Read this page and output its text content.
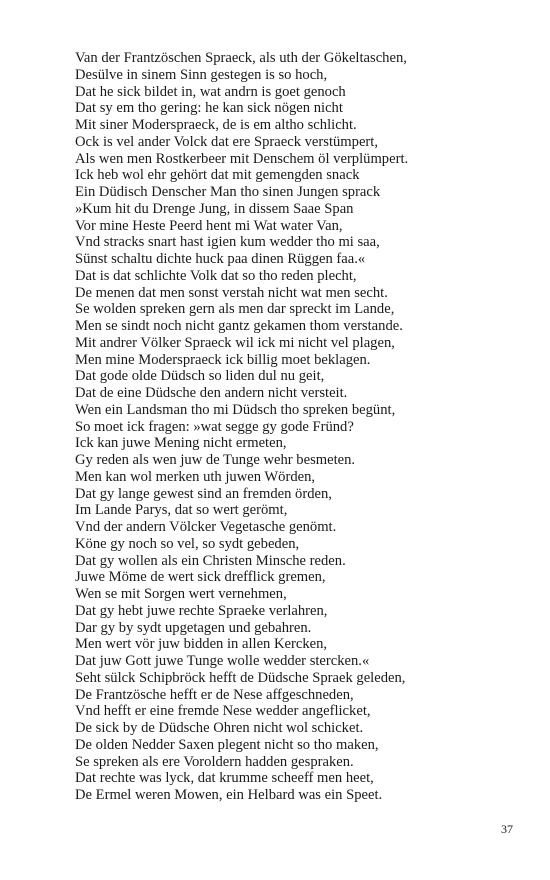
Van der Frantzöschen Spraeck, als uth der Gökeltaschen,
Desülve in sinem Sinn gestegen is so hoch,
Dat he sick bildet in, wat andrn is goet genoch
Dat sy em tho gering: he kan sick nögen nicht
Mit siner Moderspraeck, de is em altho schlicht.
Ock is vel ander Volck dat ere Spraeck verstümpert,
Als wen men Rostkerbeer mit Denschem öl verplümpert.
Ick heb wol ehr gehört dat mit gemengden snack
Ein Düdisch Denscher Man tho sinen Jungen sprack
»Kum hit du Drenge Jung, in dissem Saae Span
Vor mine Heste Peerd hent mi Wat water Van,
Vnd stracks snart hast igien kum wedder tho mi saa,
Sünst schaltu dichte huck paa dinen Rüggen faa.«
Dat is dat schlichte Volk dat so tho reden plecht,
De menen dat men sonst verstah nicht wat men secht.
Se wolden spreken gern als men dar spreckt im Lande,
Men se sindt noch nicht gantz gekamen thom verstande.
Mit andrer Völker Spraeck wil ick mi nicht vel plagen,
Men mine Moderspraeck ick billig moet beklagen.
Dat gode olde Düdsch so liden dul nu geit,
Dat de eine Düdsche den andern nicht versteit.
Wen ein Landsman tho mi Düdsch tho spreken begünt,
So moet ick fragen: »wat segge gy gode Fründ?
Ick kan juwe Mening nicht ermeten,
Gy reden als wen juw de Tunge wehr besmeten.
Men kan wol merken uth juwen Wörden,
Dat gy lange gewest sind an fremden örden,
Im Lande Parys, dat so wert gerömt,
Vnd der andern Völcker Vegetasche genömt.
Köne gy noch so vel, so sydt gebeden,
Dat gy wollen als ein Christen Minsche reden.
Juwe Möme de wert sick drefflick gremen,
Wen se mit Sorgen wert vernehmen,
Dat gy hebt juwe rechte Spraeke verlahren,
Dar gy by sydt upgetagen und gebahren.
Men wert vör juw bidden in allen Kercken,
Dat juw Gott juwe Tunge wolle wedder stercken.«
Seht sülck Schipbröck hefft de Düdsche Spraek geleden,
De Frantzösche hefft er de Nese affgeschneden,
Vnd hefft er eine fremde Nese wedder angeflicket,
De sick by de Düdsche Ohren nicht wol schicket.
De olden Nedder Saxen plegent nicht so tho maken,
Se spreken als ere Voroldern hadden gespraken.
Dat rechte was lyck, dat krumme scheeff men heet,
De Ermel weren Mowen, ein Helbard was ein Speet.
37
